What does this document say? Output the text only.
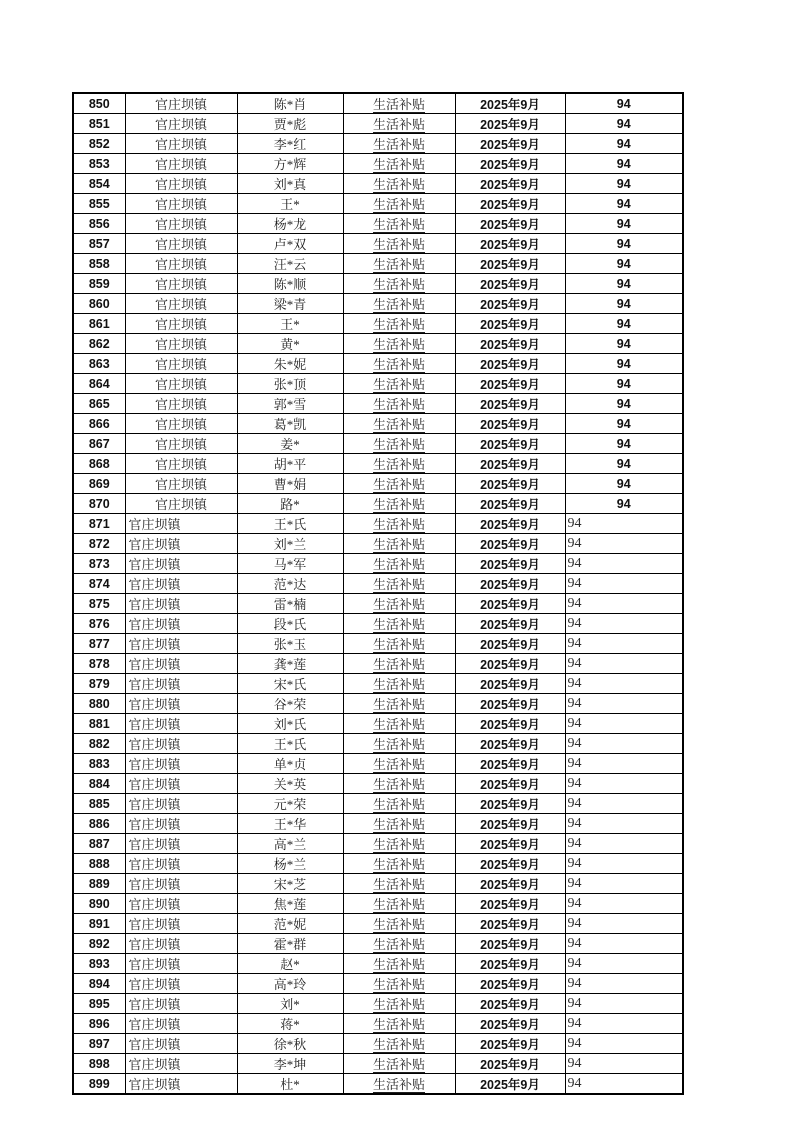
850	官庄坝镇	陈*肖	生活补贴	2025年9月	94
851	官庄坝镇	贾*彪	生活补贴	2025年9月	94
852	官庄坝镇	李*红	生活补贴	2025年9月	94
853	官庄坝镇	方*辉	生活补贴	2025年9月	94
854	官庄坝镇	刘*真	生活补贴	2025年9月	94
855	官庄坝镇	王*	生活补贴	2025年9月	94
856	官庄坝镇	杨*龙	生活补贴	2025年9月	94
857	官庄坝镇	卢*双	生活补贴	2025年9月	94
858	官庄坝镇	汪*云	生活补贴	2025年9月	94
859	官庄坝镇	陈*顺	生活补贴	2025年9月	94
860	官庄坝镇	梁*青	生活补贴	2025年9月	94
861	官庄坝镇	王*	生活补贴	2025年9月	94
862	官庄坝镇	黄*	生活补贴	2025年9月	94
863	官庄坝镇	朱*妮	生活补贴	2025年9月	94
864	官庄坝镇	张*顶	生活补贴	2025年9月	94
865	官庄坝镇	郭*雪	生活补贴	2025年9月	94
866	官庄坝镇	葛*凯	生活补贴	2025年9月	94
867	官庄坝镇	姜*	生活补贴	2025年9月	94
868	官庄坝镇	胡*平	生活补贴	2025年9月	94
869	官庄坝镇	曹*娟	生活补贴	2025年9月	94
870	官庄坝镇	路*	生活补贴	2025年9月	94
871	官庄坝镇	王*氏	生活补贴	2025年9月	94
872	官庄坝镇	刘*兰	生活补贴	2025年9月	94
873	官庄坝镇	马*军	生活补贴	2025年9月	94
874	官庄坝镇	范*达	生活补贴	2025年9月	94
875	官庄坝镇	雷*楠	生活补贴	2025年9月	94
876	官庄坝镇	段*氏	生活补贴	2025年9月	94
877	官庄坝镇	张*玉	生活补贴	2025年9月	94
878	官庄坝镇	龚*莲	生活补贴	2025年9月	94
879	官庄坝镇	宋*氏	生活补贴	2025年9月	94
880	官庄坝镇	谷*荣	生活补贴	2025年9月	94
881	官庄坝镇	刘*氏	生活补贴	2025年9月	94
882	官庄坝镇	王*氏	生活补贴	2025年9月	94
883	官庄坝镇	单*贞	生活补贴	2025年9月	94
884	官庄坝镇	关*英	生活补贴	2025年9月	94
885	官庄坝镇	元*荣	生活补贴	2025年9月	94
886	官庄坝镇	王*华	生活补贴	2025年9月	94
887	官庄坝镇	高*兰	生活补贴	2025年9月	94
888	官庄坝镇	杨*兰	生活补贴	2025年9月	94
889	官庄坝镇	宋*芝	生活补贴	2025年9月	94
890	官庄坝镇	焦*莲	生活补贴	2025年9月	94
891	官庄坝镇	范*妮	生活补贴	2025年9月	94
892	官庄坝镇	霍*群	生活补贴	2025年9月	94
893	官庄坝镇	赵*	生活补贴	2025年9月	94
894	官庄坝镇	高*玲	生活补贴	2025年9月	94
895	官庄坝镇	刘*	生活补贴	2025年9月	94
896	官庄坝镇	蒋*	生活补贴	2025年9月	94
897	官庄坝镇	徐*秋	生活补贴	2025年9月	94
898	官庄坝镇	李*坤	生活补贴	2025年9月	94
899	官庄坝镇	杜*	生活补贴	2025年9月	94
